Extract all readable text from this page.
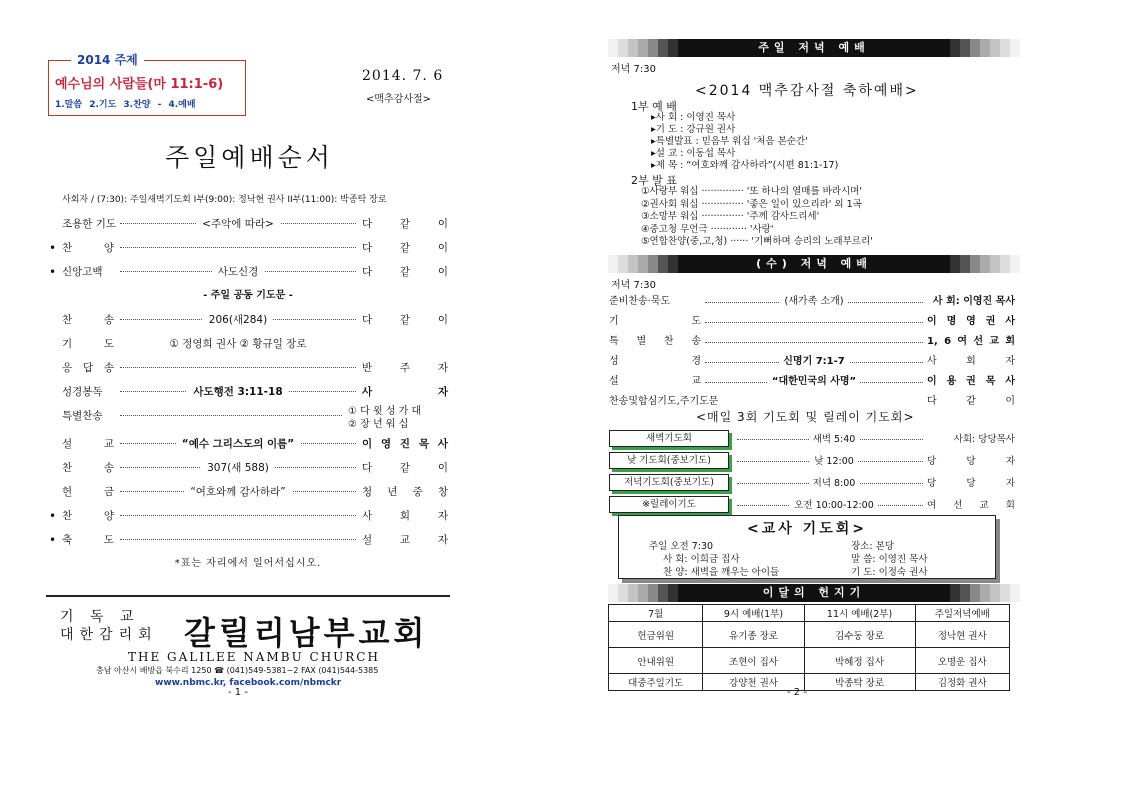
2014 주제
예수님의 사람들(마 11:1-6)
1.말씀 2.기도 3.찬양 - 4.예배
2014. 7. 6
<맥추감사절>
주일예배순서
사회자 / (7:30): 주일새벽기도회 I부(9:00): 정낙현 권사 II부(11:00): 박종탁 장로
조용한 기도	<주악에 따라>	다 같 이
• 찬 양	다 같 이
• 신앙고백	사도신경	다 같 이
- 주일 공동 기도문 -
찬 송	206(새284)	다 같 이
기 도	① 정영희 권사 ② 황규일 장로
응 답 송	반 주 자
성경봉독	사도행전 3:11-18	사 자
특별찬송	① 다 윗 성 가 대
② 장 년 워 십
설 교	“예수 그리스도의 이름”	이 영 진 목 사
찬 송	307(새 588)	다 같 이
헌 금	“여호와께 감사하라”	청 년 중 창
• 찬 양	사 회 자
• 축 도	설 교 자
*표는 자리에서 일어서십시오.
기 독 교
대한감리회 갈릴리남부교회
THE GALILEE NAMBU CHURCH
충남 아산시 배방읍 북수리 1250 ☎ (041)549-5381~2 FAX (041)544-5385
www.nbmc.kr, facebook.com/nbmckr
- 1 -
주일 저녁 예배
저녁 7:30
<2014 맥추감사절 축하예배>
1부 예 배
▸사 회 : 이영진 목사
▸기 도 : 강규원 권사
▸특별발표 : 믿음부 워십 '처음 본순간'
▸설 교 : 이동섭 목사
▸제 목 : “여호와께 감사하라”(시편 81:1-17)
2부 발 표
①사랑부 워십 ·············· '또 하나의 열매를 바라시며'
②권사회 워십 ·············· '좋은 일이 있으리라' 외 1곡
③소망부 워십 ·············· '주께 감사드리세'
④중고청 무언극 ············ '사랑'
⑤연합찬양(중,고,청) ······ '기뻐하며 승리의 노래부르리'
(수) 저녁 예배
저녁 7:30
준비찬송·묵도	(새가족 소개)	사 회: 이영진 목사
기 도	이 명 영 권 사
특 별 찬 송	1, 6 여 선 교 회
성 경	신명기 7:1-7	사 회 자
설 교	“대한민국의 사명”	이 용 권 목 사
찬송및합심기도,주기도문	다 같 이
<매일 3회 기도회 및 릴레이 기도회>
새벽기도회	새벽 5:40	사회: 당당목사
낮 기도회(중보기도)	낮 12:00	당 당 자
저녁기도회(중보기도)	저녁 8:00	당 당 자
※릴레이기도	오전 10:00-12:00	여 선 교 회
<교사 기도회>
주일 오전 7:30	장소: 본당
사 회: 이희금 집사	말 씀: 이영진 목사
찬 양: 새벽을 깨우는 아이들	기 도: 이정숙 권사
이달의 헌지기
7월	9시 예배(1부)	11시 예배(2부)	주일저녁예배
헌금위원	유기종 장로	김수동 장로	정낙현 권사
안내위원	조현이 집사	박혜정 집사	오명운 집사
대중주일기도	강양천 권사	박종탁 장로	김정화 권사
- 2 -
